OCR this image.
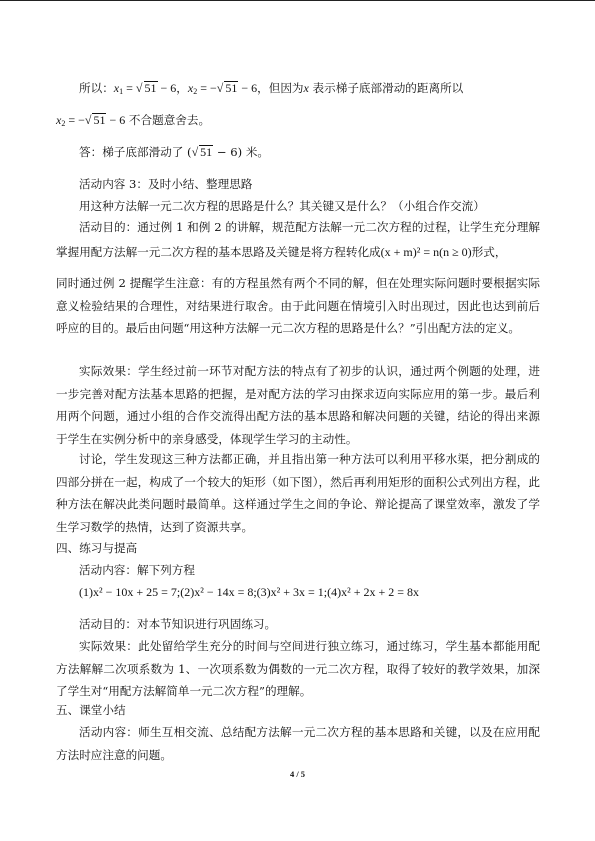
所以：$x_1$ = √ 51 − 6，$x_2$ = −√ 51 − 6，但因为x 表示梯子底部滑动的距离所以
$x_2$ = −√ 51 − 6 不合题意舍去。
答：梯子底部滑动了 (√ 51 − 6) 米。
活动内容 3：及时小结、整理思路
用这种方法解一元二次方程的思路是什么？其关键又是什么？（小组合作交流）
活动目的：通过例 1 和例 2 的讲解，规范配方法解一元二次方程的过程，让学生充分理解掌握用配方法解一元二次方程的基本思路及关键是将方程转化成(x + m)² = n(n ≥ 0)形式，
同时通过例 2 提醒学生注意：有的方程虽然有两个不同的解，但在处理实际问题时要根据实际意义检验结果的合理性，对结果进行取舍。由于此问题在情境引入时出现过，因此也达到前后呼应的目的。最后由问题“用这种方法解一元二次方程的思路是什么？”引出配方法的定义。
实际效果：学生经过前一环节对配方法的特点有了初步的认识，通过两个例题的处理，进一步完善对配方法基本思路的把握，是对配方法的学习由探求迈向实际应用的第一步。最后利用两个问题，通过小组的合作交流得出配方法的基本思路和解决问题的关键，结论的得出来源于学生在实例分析中的亲身感受，体现学生学习的主动性。
讨论，学生发现这三种方法都正确，并且指出第一种方法可以利用平移水渠，把分割成的四部分拼在一起，构成了一个较大的矩形（如下图），然后再利用矩形的面积公式列出方程，此种方法在解决此类问题时最简单。这样通过学生之间的争论、辩论提高了课堂效率，激发了学生学习数学的热情，达到了资源共享。
四、练习与提高
活动内容：解下列方程
(1)x² − 10x + 25 = 7;(2)x² − 14x = 8;(3)x² + 3x = 1;(4)x² + 2x + 2 = 8x
活动目的：对本节知识进行巩固练习。
实际效果：此处留给学生充分的时间与空间进行独立练习，通过练习，学生基本都能用配方法解解二次项系数为 1、一次项系数为偶数的一元二次方程，取得了较好的教学效果，加深了学生对“用配方法解简单一元二次方程”的理解。
五、课堂小结
活动内容：师生互相交流、总结配方法解一元二次方程的基本思路和关键，以及在应用配方法时应注意的问题。
4 / 5
